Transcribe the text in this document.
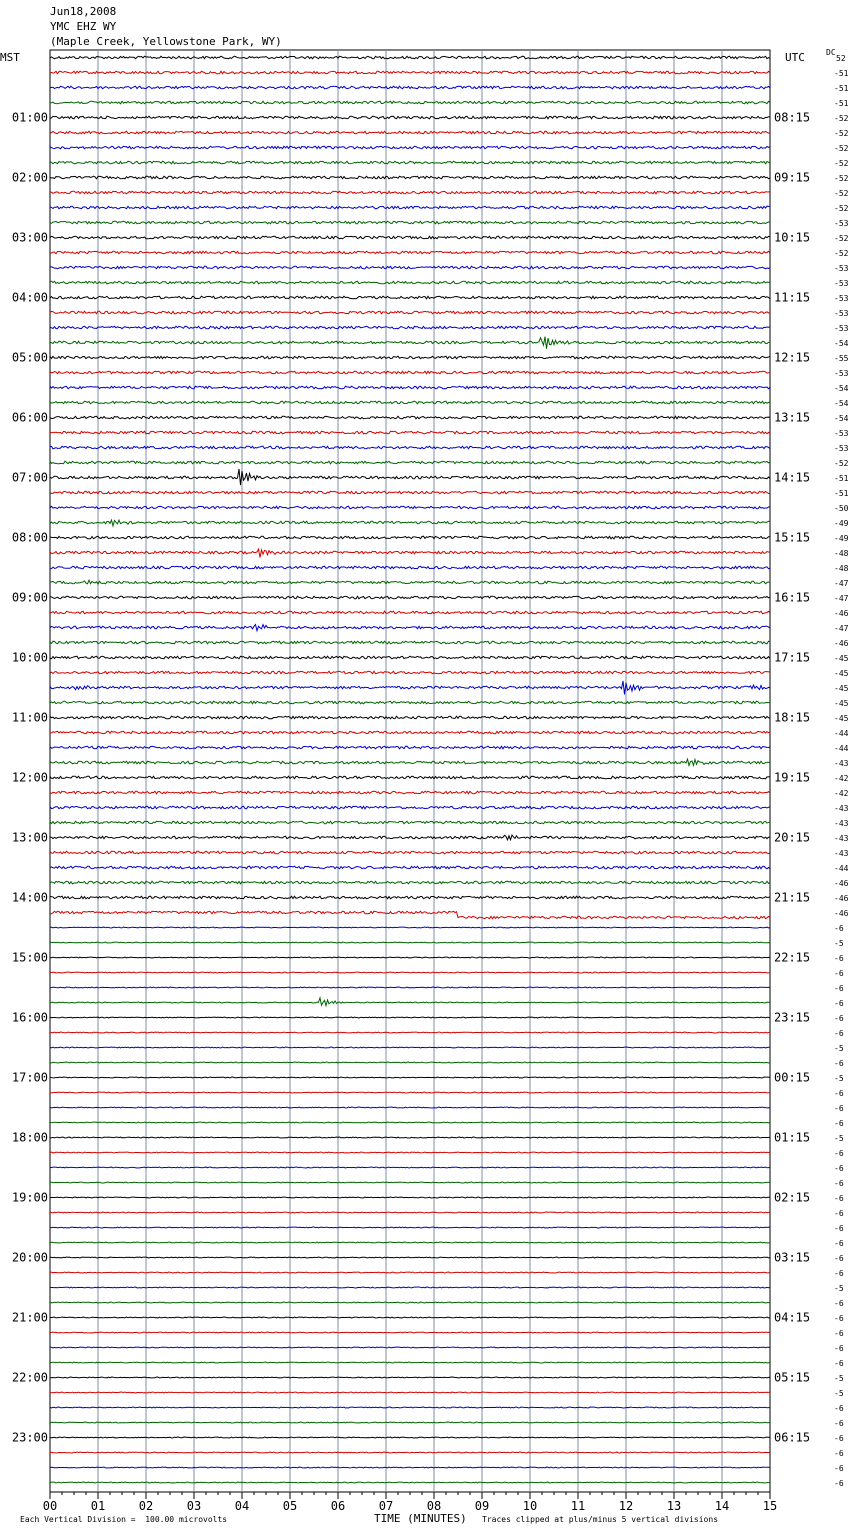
00	01	02	03	04	05	06	07	08	09	10	11	12	13	14	15
52
-51
-51
-51
-52
01:00	08:15
-52
-52
-52
-52
02:00	09:15
-52
-52
-53
-52
03:00	10:15
-52
-53
-53
-53
04:00	11:15
-53
-53
-54
-55
05:00	12:15
-53
-54
-54
-54
06:00	13:15
-53
-53
-52
-51
07:00	14:15
-51
-50
-49
-49
08:00	15:15
-48
-48
-47
-47
09:00	16:15
-46
-47
-46
-45
10:00	17:15
-45
-45
-45
-45
11:00	18:15
-44
-44
-43
-42
12:00	19:15
-42
-43
-43
-43
13:00	20:15
-43
-44
-46
-46
14:00	21:15
-46
-6
-5
-6
15:00	22:15
-6
-6
-6
-6
16:00	23:15
-6
-5
-6
-5
17:00	00:15
-6
-6
-6
-5
18:00	01:15
-6
-6
-6
-6
19:00	02:15
-6
-6
-6
-6
20:00	03:15
-6
-5
-6
-6
21:00	04:15
-6
-6
-6
-5
22:00	05:15
-5
-6
-6
-6
23:00	06:15
-6
-6
-6
Jun18,2008
YMC EHZ WY
(Maple Creek, Yellowstone Park, WY)
MST	UTC	DC
Each Vertical Division =  100.00 microvolts	TIME (MINUTES) Traces clipped at plus/minus 5 vertical divisions
